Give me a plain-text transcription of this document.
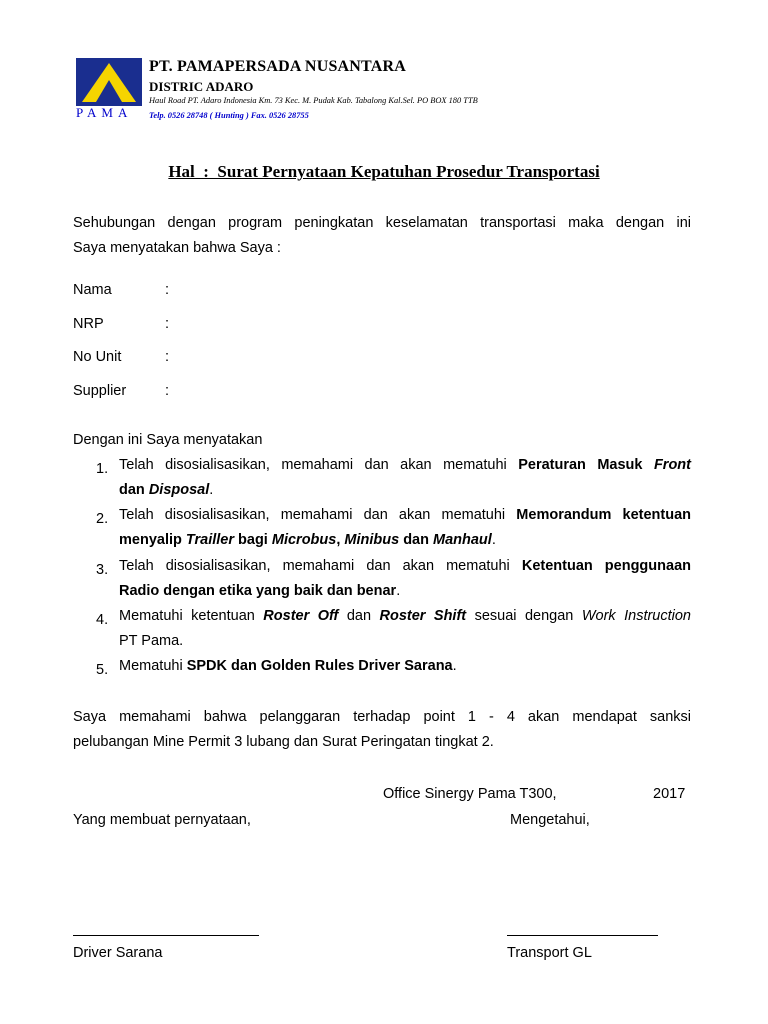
PAMA
PT. PAMAPERSADA NUSANTARA
DISTRIC ADARO
Haul Road PT. Adaro Indonesia Km. 73 Kec. M. Pudak Kab. Tabalong Kal.Sel. PO BOX 180 TTB
Telp. 0526 28748 ( Hunting ) Fax. 0526 28755
Hal  :  Surat Pernyataan Kepatuhan Prosedur Transportasi
Sehubungan dengan program peningkatan keselamatan transportasi maka dengan ini
Saya menyatakan bahwa Saya :
Nama	:
NRP	:
No Unit	:
Supplier	:
Dengan ini Saya menyatakan
1. Telah disosialisasikan, memahami dan akan mematuhi Peraturan Masuk Front
dan Disposal.
2. Telah disosialisasikan, memahami dan akan mematuhi Memorandum ketentuan
menyalip Trailler bagi Microbus, Minibus dan Manhaul.
3. Telah disosialisasikan, memahami dan akan mematuhi Ketentuan penggunaan
Radio dengan etika yang baik dan benar.
4. Mematuhi ketentuan Roster Off dan Roster Shift sesuai dengan Work Instruction
PT Pama.
5. Mematuhi SPDK dan Golden Rules Driver Sarana.
Saya memahami bahwa pelanggaran terhadap point 1 - 4 akan mendapat sanksi
pelubangan Mine Permit 3 lubang dan Surat Peringatan tingkat 2.
Office Sinergy Pama T300,	2017
Yang membuat pernyataan,	Mengetahui,
Driver Sarana	Transport GL
